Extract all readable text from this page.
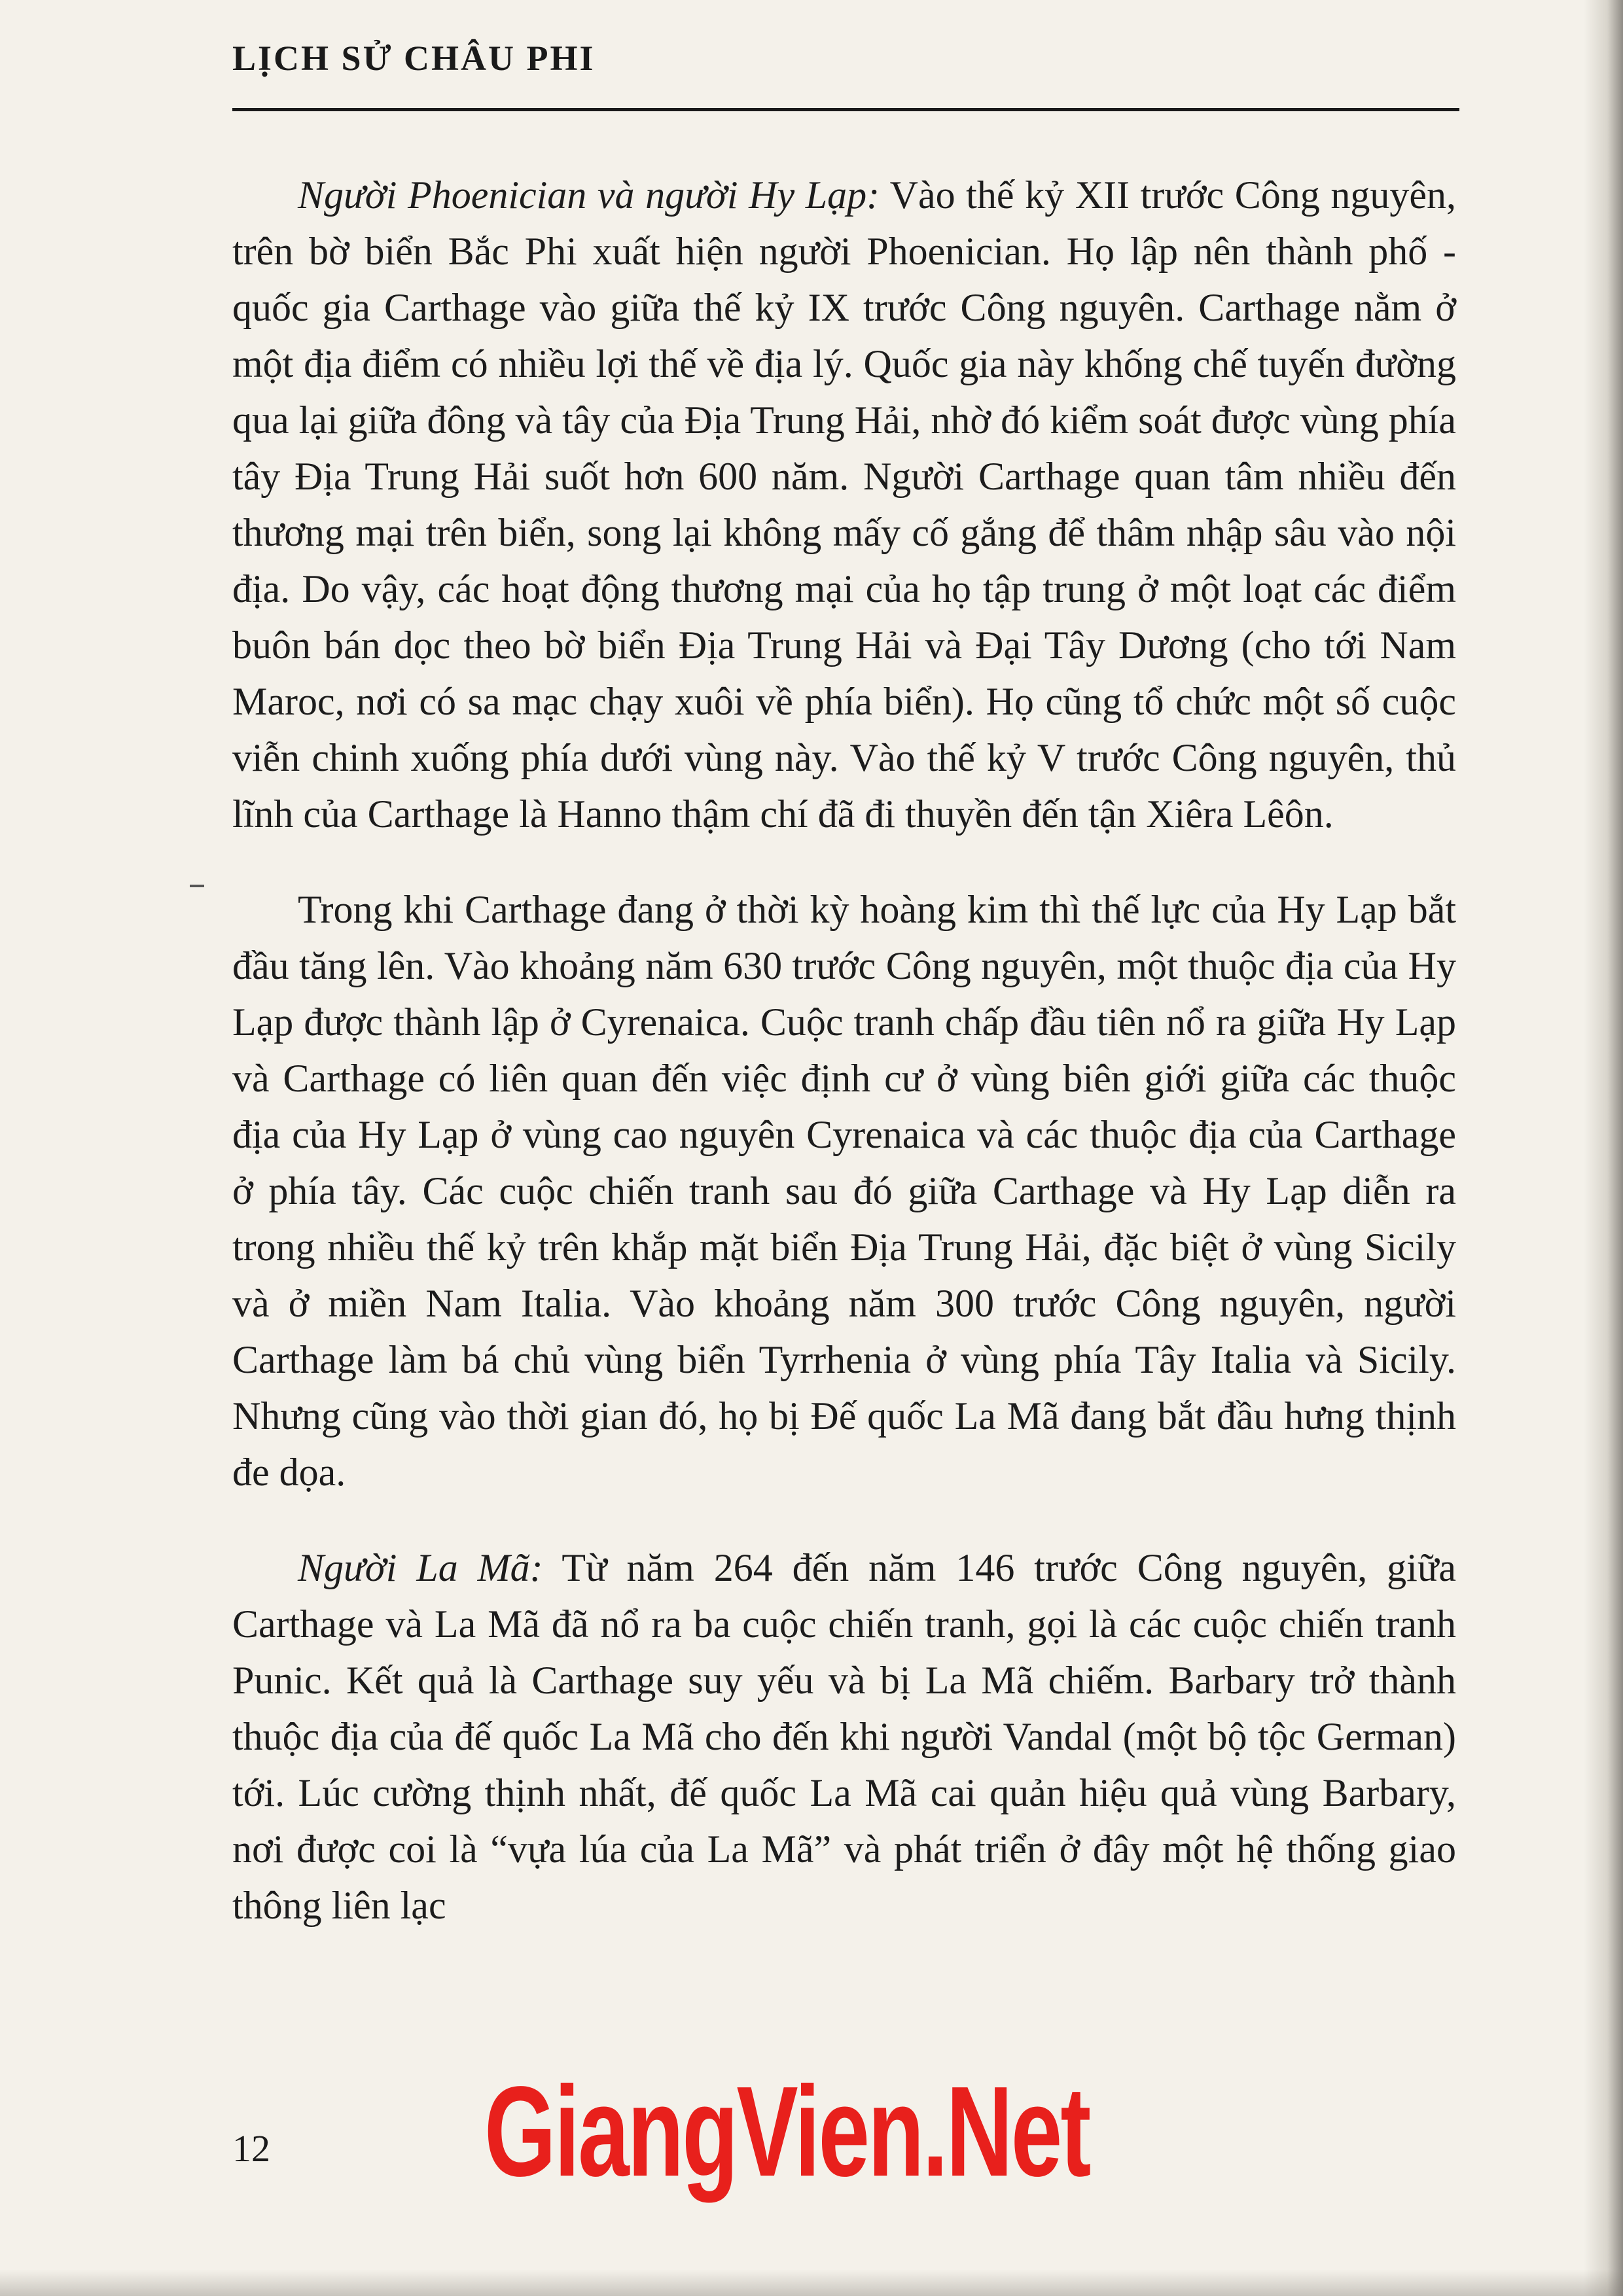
LỊCH SỬ CHÂU PHI

Người Phoenician và người Hy Lạp: Vào thế kỷ XII trước Công nguyên, trên bờ biển Bắc Phi xuất hiện người Phoenician. Họ lập nên thành phố - quốc gia Carthage vào giữa thế kỷ IX trước Công nguyên. Carthage nằm ở một địa điểm có nhiều lợi thế về địa lý. Quốc gia này khống chế tuyến đường qua lại giữa đông và tây của Địa Trung Hải, nhờ đó kiểm soát được vùng phía tây Địa Trung Hải suốt hơn 600 năm. Người Carthage quan tâm nhiều đến thương mại trên biển, song lại không mấy cố gắng để thâm nhập sâu vào nội địa. Do vậy, các hoạt động thương mại của họ tập trung ở một loạt các điểm buôn bán dọc theo bờ biển Địa Trung Hải và Đại Tây Dương (cho tới Nam Maroc, nơi có sa mạc chạy xuôi về phía biển). Họ cũng tổ chức một số cuộc viễn chinh xuống phía dưới vùng này. Vào thế kỷ V trước Công nguyên, thủ lĩnh của Carthage là Hanno thậm chí đã đi thuyền đến tận Xiêra Lêôn.

Trong khi Carthage đang ở thời kỳ hoàng kim thì thế lực của Hy Lạp bắt đầu tăng lên. Vào khoảng năm 630 trước Công nguyên, một thuộc địa của Hy Lạp được thành lập ở Cyrenaica. Cuộc tranh chấp đầu tiên nổ ra giữa Hy Lạp và Carthage có liên quan đến việc định cư ở vùng biên giới giữa các thuộc địa của Hy Lạp ở vùng cao nguyên Cyrenaica và các thuộc địa của Carthage ở phía tây. Các cuộc chiến tranh sau đó giữa Carthage và Hy Lạp diễn ra trong nhiều thế kỷ trên khắp mặt biển Địa Trung Hải, đặc biệt ở vùng Sicily và ở miền Nam Italia. Vào khoảng năm 300 trước Công nguyên, người Carthage làm bá chủ vùng biển Tyrrhenia ở vùng phía Tây Italia và Sicily. Nhưng cũng vào thời gian đó, họ bị Đế quốc La Mã đang bắt đầu hưng thịnh đe dọa.

Người La Mã: Từ năm 264 đến năm 146 trước Công nguyên, giữa Carthage và La Mã đã nổ ra ba cuộc chiến tranh, gọi là các cuộc chiến tranh Punic. Kết quả là Carthage suy yếu và bị La Mã chiếm. Barbary trở thành thuộc địa của đế quốc La Mã cho đến khi người Vandal (một bộ tộc German) tới. Lúc cường thịnh nhất, đế quốc La Mã cai quản hiệu quả vùng Barbary, nơi được coi là “vựa lúa của La Mã” và phát triển ở đây một hệ thống giao thông liên lạc

GiangVien.Net
12
